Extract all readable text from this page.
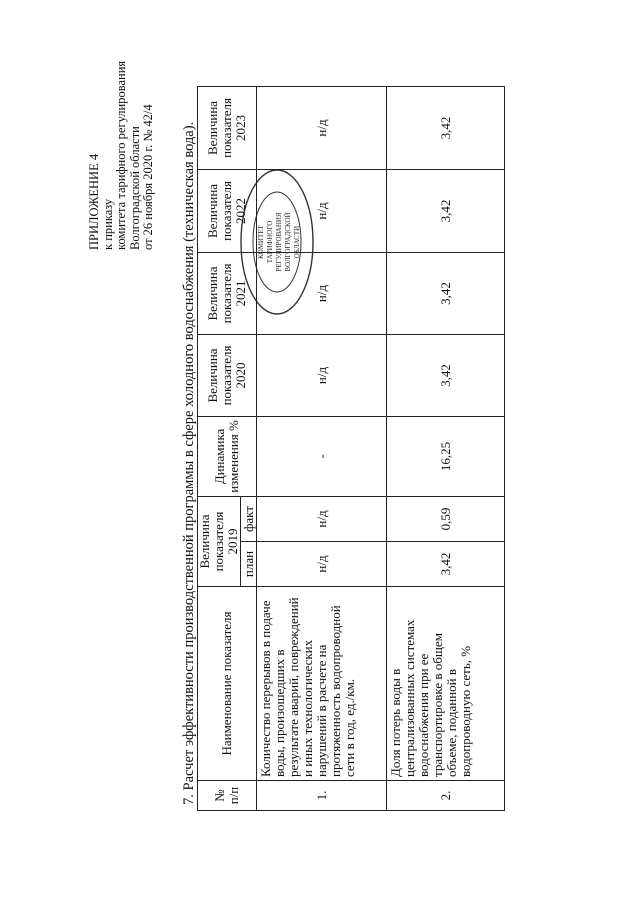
ПРИЛОЖЕНИЕ 4 к приказу комитета тарифного регулирования Волгоградской области от 26 ноября 2020 г. № 42/4	КОМИТЕТ ТАРИФНОГО РЕГУЛИРОВАНИЯ ВОЛГОГРАДСКОЙ ОБЛАСТИ
7. Расчет эффективности производственной программы в сфере холодного водоснабжения (техническая вода). № п/п	Наименование показателя	Величина показателя 2019		Динамика изменения %	Величина показателя 2020	Величина показателя 2021	Величина показателя 2022	Величина показателя 2023
		план	факт					
1.	Количество перерывов в подаче воды, произошедших в результате аварий, повреждений и иных технологических нарушений в расчете на протяженность водопроводной сети в год, ед./км.	н/д	н/д	-	н/д	н/д	н/д	н/д
2.	Доля потерь воды в централизованных системах водоснабжения при ее транспортировке в общем объеме, поданной в водопроводную сеть, %	3,42	0,59	16,25	3,42	3,42	3,42	3,42
